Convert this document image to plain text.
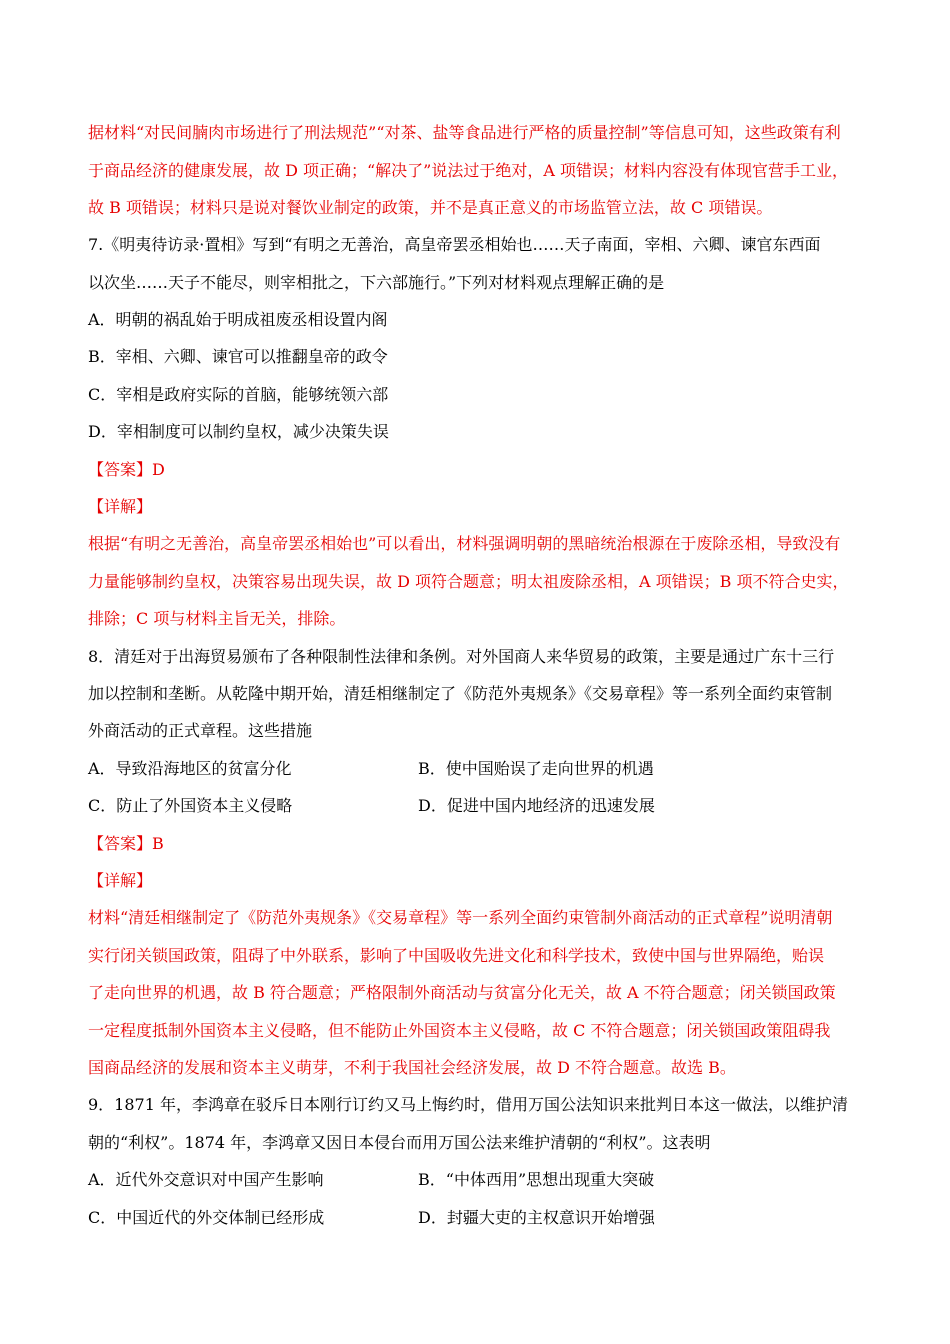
据材料“对民间腩肉市场进行了刑法规范”“对茶、盐等食品进行严格的质量控制”等信息可知，这些政策有利
于商品经济的健康发展，故 D 项正确；“解决了”说法过于绝对，A 项错误；材料内容没有体现官营手工业，
故 B 项错误；材料只是说对餐饮业制定的政策，并不是真正意义的市场监管立法，故 C 项错误。
7.《明夷待访录·置相》写到“有明之无善治，高皇帝罢丞相始也……天子南面，宰相、六卿、谏官东西面
以次坐……天子不能尽，则宰相批之，下六部施行。”下列对材料观点理解正确的是
A．明朝的祸乱始于明成祖废丞相设置内阁
B．宰相、六卿、谏官可以推翻皇帝的政令
C．宰相是政府实际的首脑，能够统领六部
D．宰相制度可以制约皇权，减少决策失误
【答案】D
【详解】
根据“有明之无善治，高皇帝罢丞相始也”可以看出，材料强调明朝的黑暗统治根源在于废除丞相，导致没有
力量能够制约皇权，决策容易出现失误，故 D 项符合题意；明太祖废除丞相，A 项错误；B 项不符合史实，
排除；C 项与材料主旨无关，排除。
8．清廷对于出海贸易颁布了各种限制性法律和条例。对外国商人来华贸易的政策，主要是通过广东十三行
加以控制和垄断。从乾隆中期开始，清廷相继制定了《防范外夷规条》《交易章程》等一系列全面约束管制
外商活动的正式章程。这些措施
A．导致沿海地区的贫富分化	B．使中国贻误了走向世界的机遇
C．防止了外国资本主义侵略	D．促进中国内地经济的迅速发展
【答案】B
【详解】
材料“清廷相继制定了《防范外夷规条》《交易章程》等一系列全面约束管制外商活动的正式章程”说明清朝
实行闭关锁国政策，阻碍了中外联系，影响了中国吸收先进文化和科学技术，致使中国与世界隔绝，贻误
了走向世界的机遇，故 B 符合题意；严格限制外商活动与贫富分化无关，故 A 不符合题意；闭关锁国政策
一定程度抵制外国资本主义侵略，但不能防止外国资本主义侵略，故 C 不符合题意；闭关锁国政策阻碍我
国商品经济的发展和资本主义萌芽，不利于我国社会经济发展，故 D 不符合题意。故选 B。
9．1871 年，李鸿章在驳斥日本刚行订约又马上悔约时，借用万国公法知识来批判日本这一做法，以维护清
朝的“利权”。1874 年，李鸿章又因日本侵台而用万国公法来维护清朝的“利权”。这表明
A．近代外交意识对中国产生影响	B．“中体西用”思想出现重大突破
C．中国近代的外交体制已经形成	D．封疆大吏的主权意识开始增强
